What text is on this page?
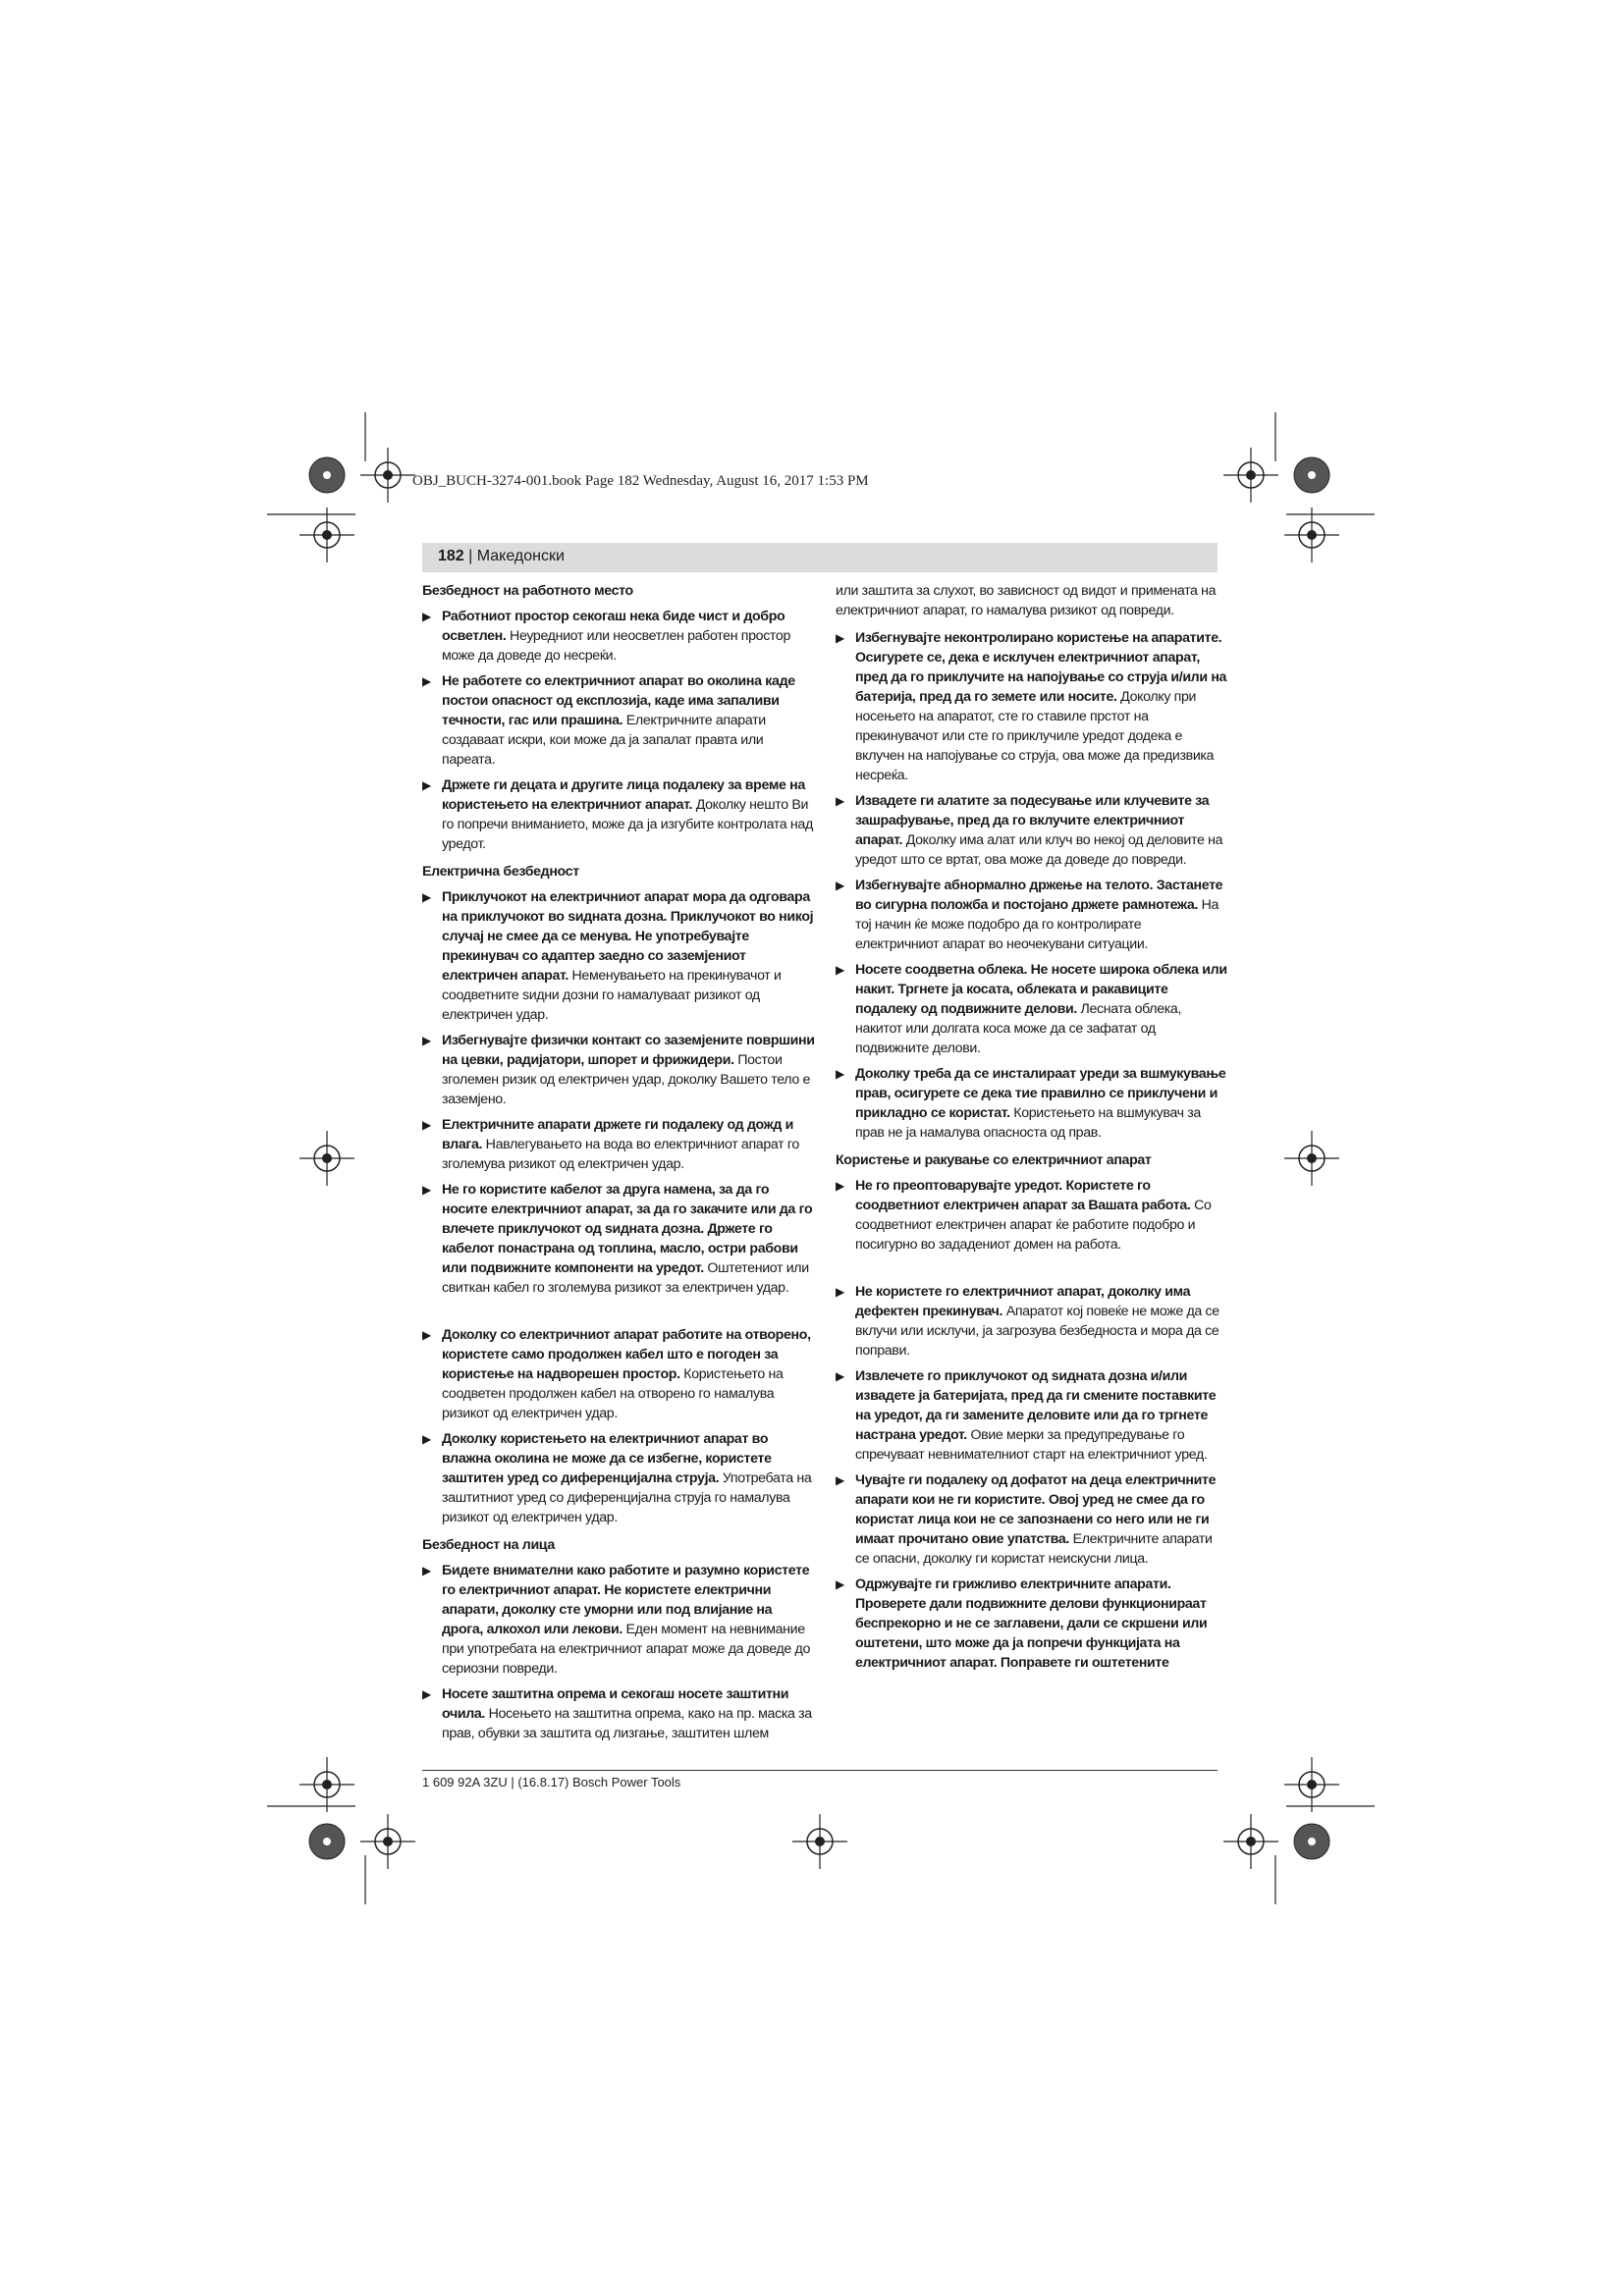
OBJ_BUCH-3274-001.book Page 182 Wednesday, August 16, 2017 1:53 PM
182 | Македонски
Безбедност на работното место
▶ Работниот простор секогаш нека биде чист и добро осветлен. Неуредниот или неосветлен работен простор може да доведе до несреќи.
▶ Не работете со електричниот апарат во околина каде постои опасност од експлозија, каде има запаливи течности, гас или прашина. Електричните апарати создаваат искри, кои може да ја запалат правта или пареата.
▶ Држете ги децата и другите лица подалеку за време на користењето на електричниот апарат. Доколку нешто Ви го попречи вниманието, може да ја изгубите контролата над уредот.
Електрична безбедност
▶ Приклучокот на електричниот апарат мора да одговара на приклучокот во ѕидната дозна. Приклучокот во никој случај не смее да се менува. Не употребувајте прекинувач со адаптер заедно со заземјениот електричен апарат. Неменувањето на прекинувачот и соодветните ѕидни дозни го намалуваат ризикот од електричен удар.
▶ Избегнувајте физички контакт со заземјените површини на цевки, радијатори, шпорет и фрижидери. Постои зголемен ризик од електричен удар, доколку Вашето тело е заземјено.
▶ Електричните апарати држете ги подалеку од дожд и влага. Навлегувањето на вода во електричниот апарат го зголемува ризикот од електричен удар.
▶ Не го користите кабелот за друга намена, за да го носите електричниот апарат, за да го закачите или да го влечете приклучокот од ѕидната дозна. Држете го кабелот понастрана од топлина, масло, остри рабови или подвижните компоненти на уредот. Оштетениот или свиткан кабел го зголемува ризикот за електричен удар.
▶ Доколку со електричниот апарат работите на отворено, користете само продолжен кабел што е погоден за користење на надворешен простор. Користењето на соодветен продолжен кабел на отворено го намалува ризикот од електричен удар.
▶ Доколку користењето на електричниот апарат во влажна околина не може да се избегне, користете заштитен уред со диференцијална струја. Употребата на заштитниот уред со диференцијална струја го намалува ризикот од електричен удар.
Безбедност на лица
▶ Бидете внимателни како работите и разумно користете го електричниот апарат. Не користете електрични апарати, доколку сте уморни или под влијание на дрога, алкохол или лекови. Еден момент на невнимание при употребата на електричниот апарат може да доведе до сериозни повреди.
▶ Носете заштитна опрема и секогаш носете заштитни очила. Носењето на заштитна опрема, како на пр. маска за прав, обувки за заштита од лизгање, заштитен шлем
или заштита за слухот, во зависност од видот и примената на електричниот апарат, го намалува ризикот од повреди.
▶ Избегнувајте неконтролирано користење на апаратите. Осигурете се, дека е исклучен електричниот апарат, пред да го приклучите на напојување со струја и/или на батерија, пред да го земете или носите. Доколку при носењето на апаратот, сте го ставиле прстот на прекинувачот или сте го приклучиле уредот додека е вклучен на напојување со струја, ова може да предизвика несреќа.
▶ Извадете ги алатите за подесување или клучевите за зашрафување, пред да го вклучите електричниот апарат. Доколку има алат или клуч во некој од деловите на уредот што се вртат, ова може да доведе до повреди.
▶ Избегнувајте абнормално држење на телото. Застанете во сигурна положба и постојано држете рамнотежа. На тој начин ќе може подобро да го контролирате електричниот апарат во неочекувани ситуации.
▶ Носете соодветна облека. Не носете широка облека или накит. Тргнете ја косата, облеката и ракавиците подалеку од подвижните делови. Лесната облека, накитот или долгата коса може да се зафатат од подвижните делови.
▶ Доколку треба да се инсталираат уреди за вшмукување прав, осигурете се дека тие правилно се приклучени и прикладно се користат. Користењето на вшмукувач за прав не ја намалува опасноста од прав.
Користење и ракување со електричниот апарат
▶ Не го преоптоварувајте уредот. Користете го соодветниот електричен апарат за Вашата работа. Со соодветниот електричен апарат ќе работите подобро и посигурно во зададениот домен на работа.
▶ Не користете го електричниот апарат, доколку има дефектен прекинувач. Апаратот кој повеќе не може да се вклучи или исклучи, ја загрозува безбедноста и мора да се поправи.
▶ Извлечете го приклучокот од ѕидната дозна и/или извадете ја батеријата, пред да ги смените поставките на уредот, да ги замените деловите или да го тргнете настрана уредот. Овие мерки за предупредување го спречуваат невнимателниот старт на електричниот уред.
▶ Чувајте ги подалеку од дофатот на деца електричните апарати кои не ги користите. Овој уред не смее да го користат лица кои не се запознаени со него или не ги имаат прочитано овие упатства. Електричните апарати се опасни, доколку ги користат неискусни лица.
▶ Одржувајте ги грижливо електричните апарати. Проверете дали подвижните делови функционираат беспрекорно и не се заглавени, дали се скршени или оштетени, што може да ја попречи функцијата на електричниот апарат. Поправете ги оштетените
1 609 92A 3ZU | (16.8.17) Bosch Power Tools
